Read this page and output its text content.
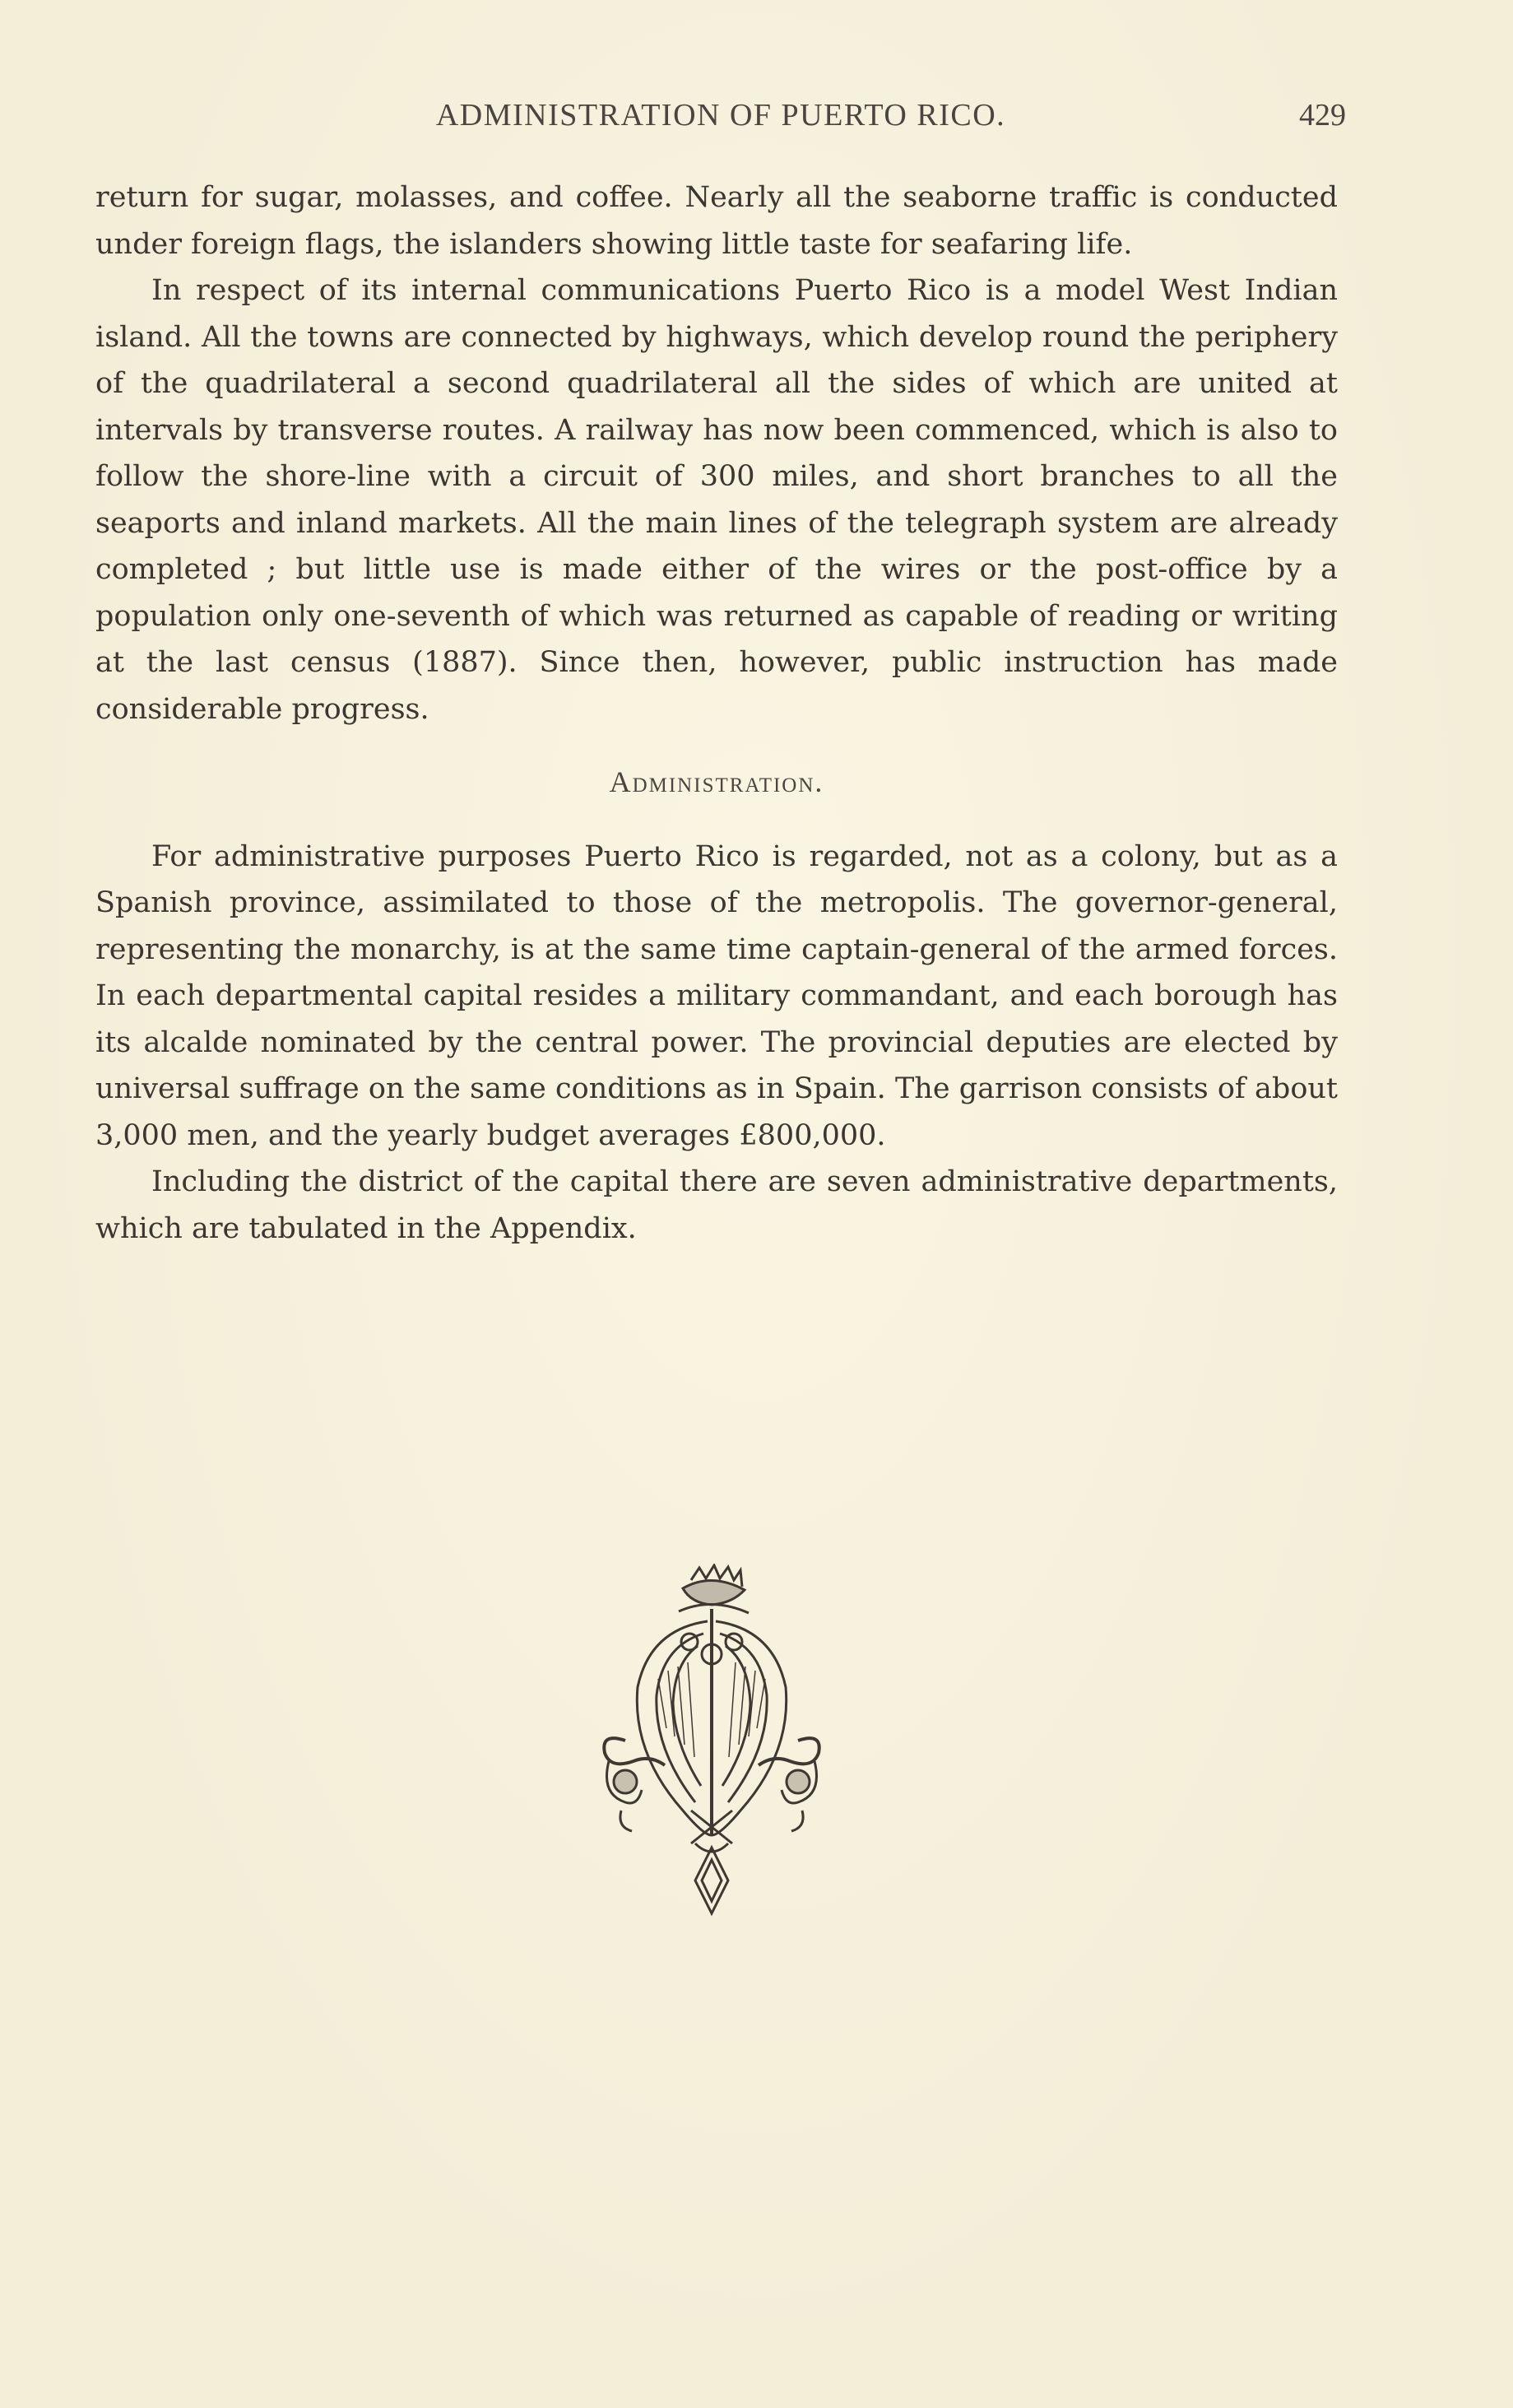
ADMINISTRATION OF PUERTO RICO.	429

return for sugar, molasses, and coffee. Nearly all the seaborne traffic is conducted under foreign flags, the islanders showing little taste for seafaring life.

In respect of its internal communications Puerto Rico is a model West Indian island. All the towns are connected by highways, which develop round the periphery of the quadrilateral a second quadrilateral all the sides of which are united at intervals by transverse routes. A railway has now been commenced, which is also to follow the shore-line with a circuit of 300 miles, and short branches to all the seaports and inland markets. All the main lines of the telegraph system are already completed ; but little use is made either of the wires or the post-office by a population only one-seventh of which was returned as capable of reading or writing at the last census (1887). Since then, however, public instruction has made considerable progress.

Administration.

For administrative purposes Puerto Rico is regarded, not as a colony, but as a Spanish province, assimilated to those of the metropolis. The governor-general, representing the monarchy, is at the same time captain-general of the armed forces. In each departmental capital resides a military commandant, and each borough has its alcalde nominated by the central power. The provincial deputies are elected by universal suffrage on the same conditions as in Spain. The garrison consists of about 3,000 men, and the yearly budget averages £800,000.

Including the district of the capital there are seven administrative departments, which are tabulated in the Appendix.
